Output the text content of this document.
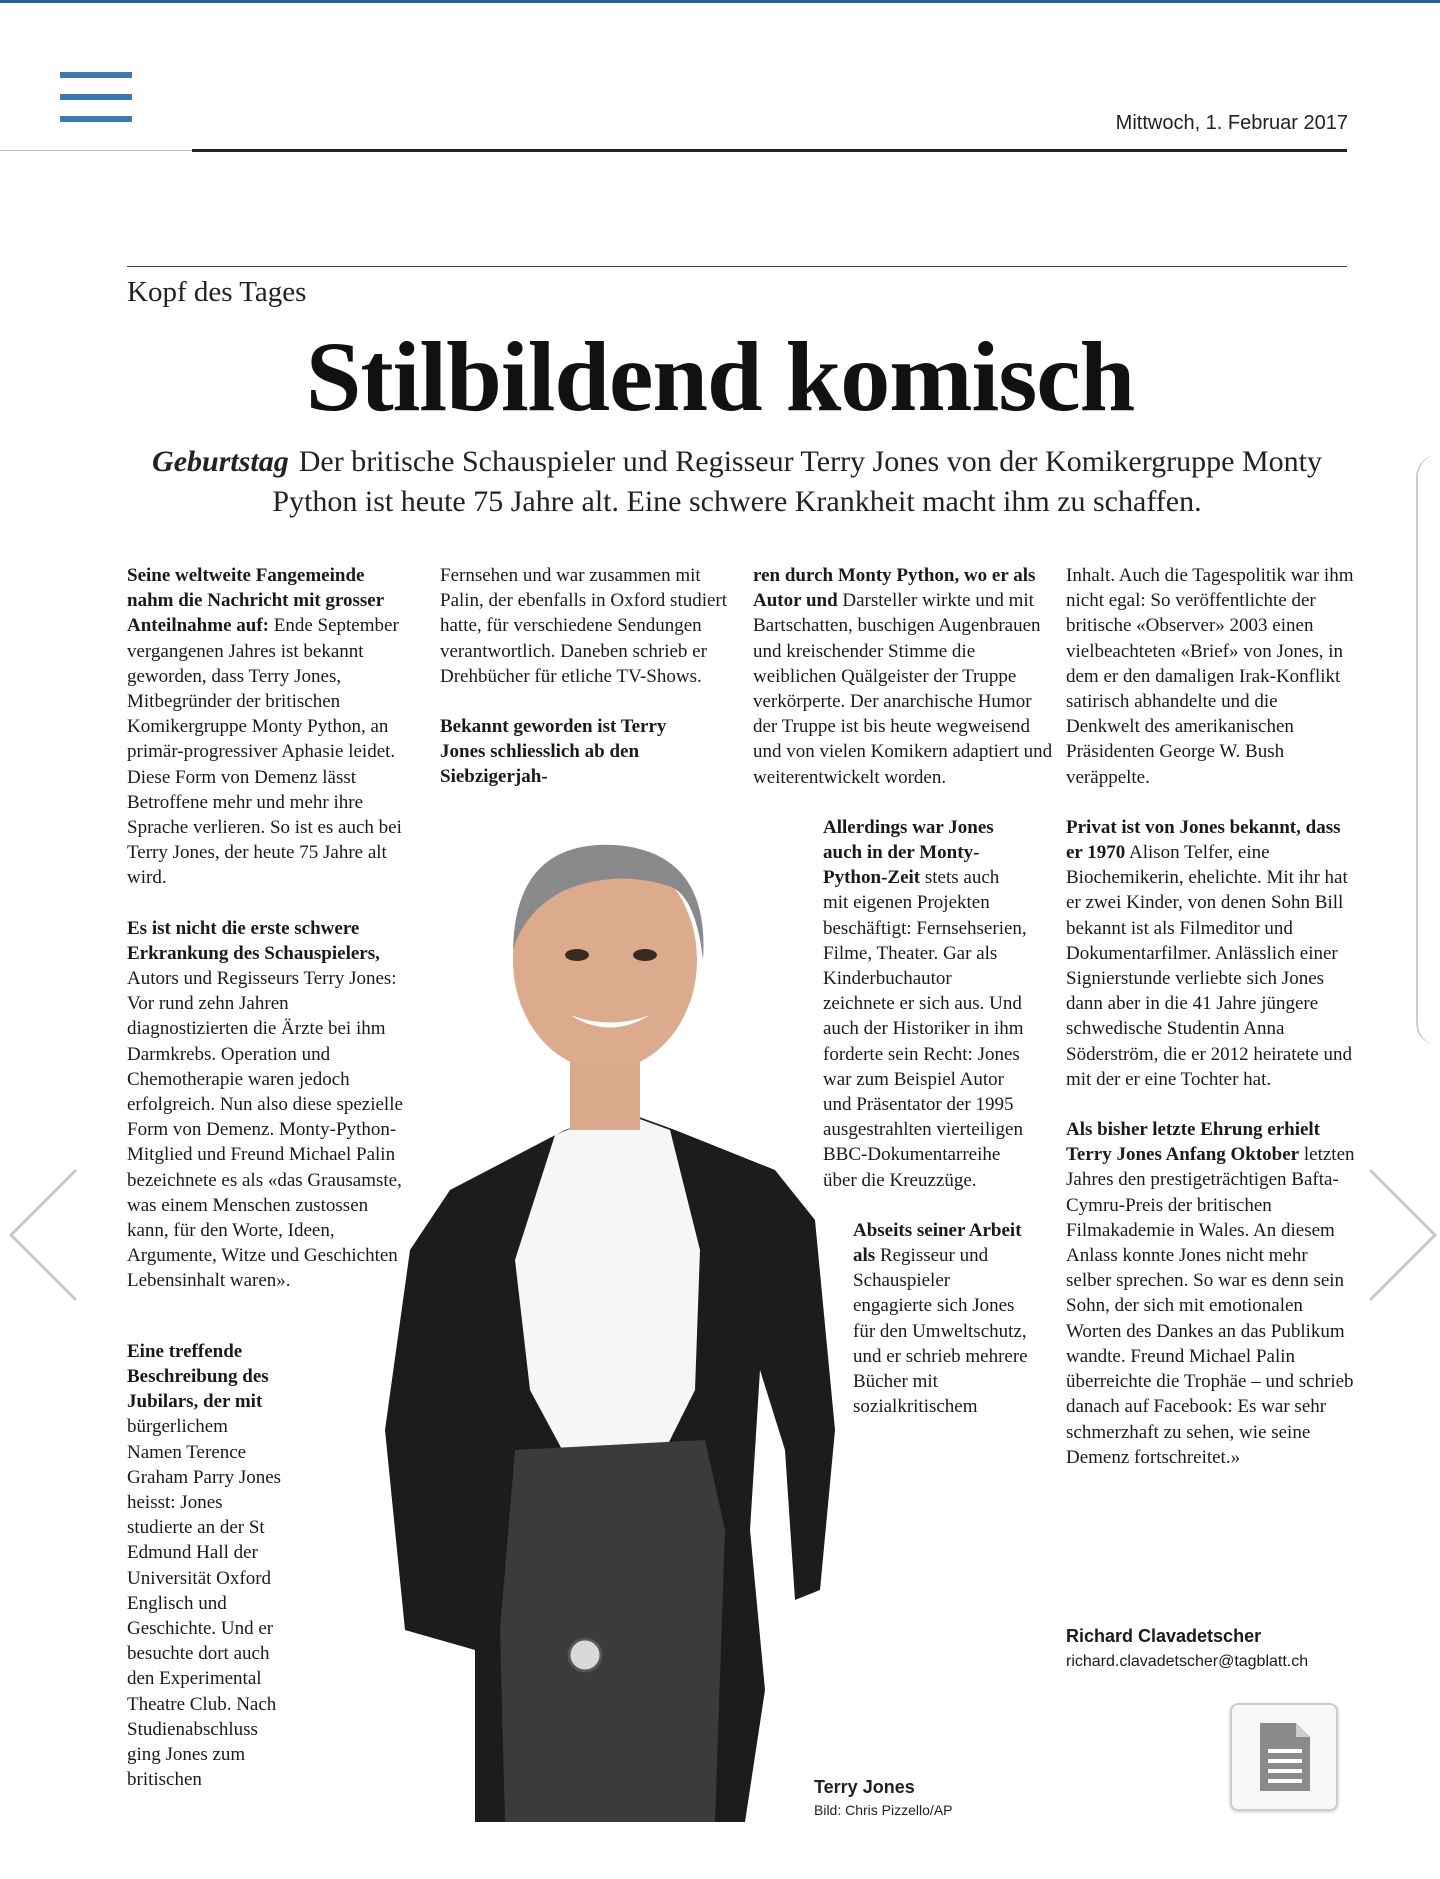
Mittwoch, 1. Februar 2017
Kopf des Tages
Stilbildend komisch
Geburtstag Der britische Schauspieler und Regisseur Terry Jones von der Komikergruppe Monty Python ist heute 75 Jahre alt. Eine schwere Krankheit macht ihm zu schaffen.

Seine weltweite Fangemeinde nahm die Nachricht mit grosser Anteilnahme auf: Ende September vergangenen Jahres ist bekannt geworden, dass Terry Jones, Mitbegründer der britischen Komikergruppe Monty Python, an primär-progressiver Aphasie leidet. Diese Form von Demenz lässt Betroffene mehr und mehr ihre Sprache verlieren. So ist es auch bei Terry Jones, der heute 75 Jahre alt wird.

Es ist nicht die erste schwere Erkrankung des Schauspielers, Autors und Regisseurs Terry Jones: Vor rund zehn Jahren diagnostizierten die Ärzte bei ihm Darmkrebs. Operation und Chemotherapie waren jedoch erfolgreich. Nun also diese spezielle Form von Demenz. Monty-Python-Mitglied und Freund Michael Palin bezeichnete es als «das Grausamste, was einem Menschen zustossen kann, für den Worte, Ideen, Argumente, Witze und Geschichten Lebensinhalt waren».

Eine treffende Beschreibung des Jubilars, der mit bürgerlichem Namen Terence Graham Parry Jones heisst: Jones studierte an der St Edmund Hall der Universität Oxford Englisch und Geschichte. Und er besuchte dort auch den Experimental Theatre Club. Nach Studienabschluss ging Jones zum britischen

Fernsehen und war zusammen mit Palin, der ebenfalls in Oxford studiert hatte, für verschiedene Sendungen verantwortlich. Daneben schrieb er Drehbücher für etliche TV-Shows.

Bekannt geworden ist Terry Jones schliesslich ab den Siebzigerjah-

ren durch Monty Python, wo er als Autor und Darsteller wirkte und mit Bartschatten, buschigen Augenbrauen und kreischender Stimme die weiblichen Quälgeister der Truppe verkörperte. Der anarchische Humor der Truppe ist bis heute wegweisend und von vielen Komikern adaptiert und weiterentwickelt worden.

Allerdings war Jones auch in der Monty-Python-Zeit stets auch mit eigenen Projekten beschäftigt: Fernsehserien, Filme, Theater. Gar als Kinderbuchautor zeichnete er sich aus. Und auch der Historiker in ihm forderte sein Recht: Jones war zum Beispiel Autor und Präsentator der 1995 ausgestrahlten vierteiligen BBC-Dokumentarreihe über die Kreuzzüge.

Abseits seiner Arbeit als Regisseur und Schauspieler engagierte sich Jones für den Umweltschutz, und er schrieb mehrere Bücher mit sozialkritischem

Inhalt. Auch die Tagespolitik war ihm nicht egal: So veröffentlichte der britische «Observer» 2003 einen vielbeachteten «Brief» von Jones, in dem er den damaligen Irak-Konflikt satirisch abhandelte und die Denkwelt des amerikanischen Präsidenten George W. Bush veräppelte.

Privat ist von Jones bekannt, dass er 1970 Alison Telfer, eine Biochemikerin, ehelichte. Mit ihr hat er zwei Kinder, von denen Sohn Bill bekannt ist als Filmeditor und Dokumentarfilmer. Anlässlich einer Signierstunde verliebte sich Jones dann aber in die 41 Jahre jüngere schwedische Studentin Anna Söderström, die er 2012 heiratete und mit der er eine Tochter hat.

Als bisher letzte Ehrung erhielt Terry Jones Anfang Oktober letzten Jahres den prestigeträchtigen Bafta-Cymru-Preis der britischen Filmakademie in Wales. An diesem Anlass konnte Jones nicht mehr selber sprechen. So war es denn sein Sohn, der sich mit emotionalen Worten des Dankes an das Publikum wandte. Freund Michael Palin überreichte die Trophäe – und schrieb danach auf Facebook: Es war sehr schmerzhaft zu sehen, wie seine Demenz fortschreitet.»

Terry Jones
Bild: Chris Pizzello/AP
Richard Clavadetscher
richard.clavadetscher@tagblatt.ch
